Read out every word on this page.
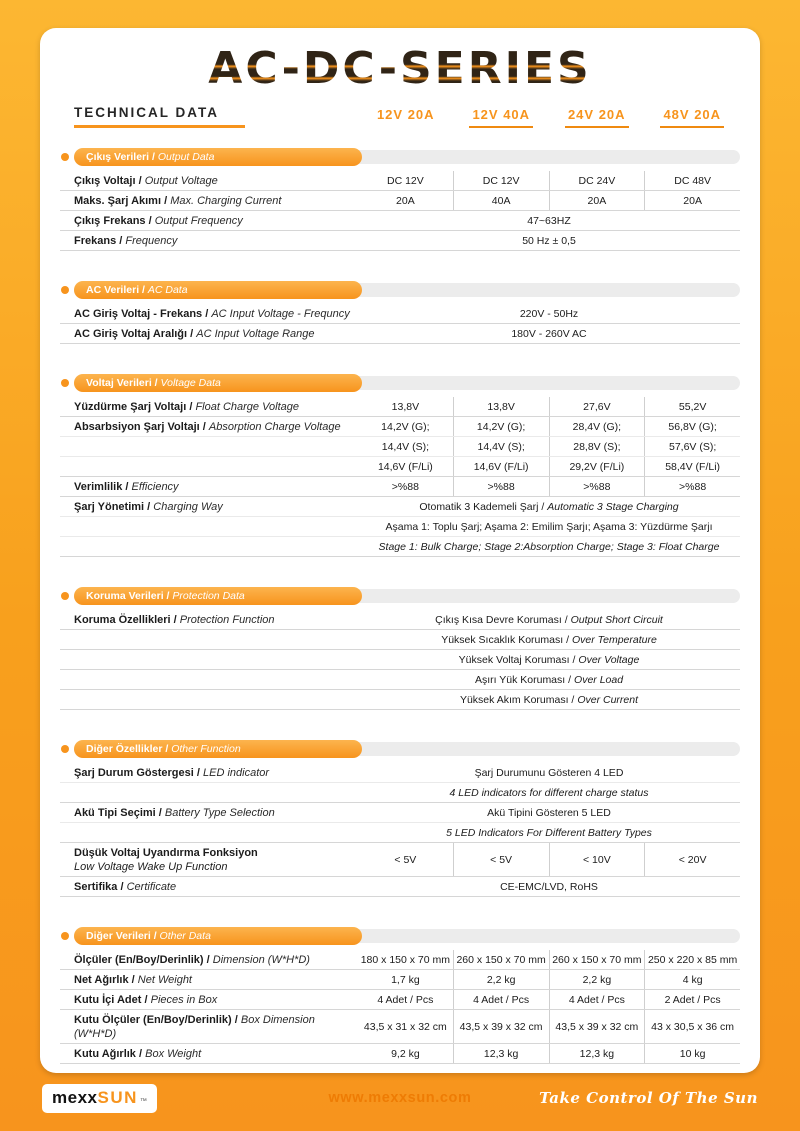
AC-DC-SERIES
TECHNICAL DATA	12V 20A	12V 40A	24V 20A	48V 20A
Çıkış Verileri / Output Data
Çıkış Voltajı / Output Voltage	DC 12V	DC 12V	DC 24V	DC 48V
Maks. Şarj Akımı / Max. Charging Current	20A	40A	20A	20A
Çıkış Frekans / Output Frequency	47~63HZ
Frekans / Frequency	50 Hz ± 0,5
AC Verileri / AC Data
AC Giriş Voltaj - Frekans / AC Input Voltage - Frequncy	220V - 50Hz
AC Giriş Voltaj Aralığı / AC Input Voltage Range	180V - 260V AC
Voltaj Verileri / Voltage Data
Yüzdürme Şarj Voltajı / Float Charge Voltage	13,8V	13,8V	27,6V	55,2V
Absarbsiyon Şarj Voltajı / Absorption Charge Voltage	14,2V (G);	14,2V (G);	28,4V (G);	56,8V (G);
14,4V (S);	14,4V (S);	28,8V (S);	57,6V (S);
14,6V (F/Li)	14,6V (F/Li)	29,2V (F/Li)	58,4V (F/Li)
Verimlilik / Efficiency	>%88	>%88	>%88	>%88
Şarj Yönetimi / Charging Way	Otomatik 3 Kademeli Şarj / Automatic 3 Stage Charging
Aşama 1: Toplu Şarj; Aşama 2: Emilim Şarjı; Aşama 3: Yüzdürme Şarjı
Stage 1: Bulk Charge; Stage 2:Absorption Charge; Stage 3: Float Charge
Koruma Verileri / Protection Data
Koruma Özellikleri / Protection Function	Çıkış Kısa Devre Koruması / Output Short Circuit
Yüksek Sıcaklık Koruması / Over Temperature
Yüksek Voltaj Koruması / Over Voltage
Aşırı Yük Koruması / Over Load
Yüksek Akım Koruması / Over Current
Diğer Özellikler / Other Function
Şarj Durum Göstergesi / LED indicator	Şarj Durumunu Gösteren 4 LED
4 LED indicators for different charge status
Akü Tipi Seçimi / Battery Type Selection	Akü Tipini Gösteren 5 LED
5 LED Indicators For Different Battery Types
Düşük Voltaj Uyandırma Fonksiyon
Low Voltage Wake Up Function
< 5V	< 5V	< 10V	< 20V
Sertifika / Certificate	CE-EMC/LVD, RoHS
Diğer Verileri / Other Data
Ölçüler (En/Boy/Derinlik) / Dimension (W*H*D)	180 x 150 x 70 mm 260 x 150 x 70 mm 260 x 150 x 70 mm 250 x 220 x 85 mm
Net Ağırlık / Net Weight	1,7 kg	2,2 kg	2,2 kg	4 kg
Kutu İçi Adet / Pieces in Box	4 Adet / Pcs	4 Adet / Pcs	4 Adet / Pcs	2 Adet / Pcs
Kutu Ölçüler (En/Boy/Derinlik) / Box Dimension (W*H*D)
43,5 x 31 x 32 cm	43,5 x 39 x 32 cm	43,5 x 39 x 32 cm	43 x 30,5 x 36 cm
Kutu Ağırlık / Box Weight	9,2 kg	12,3 kg	12,3 kg	10 kg
mexx SUN ™	www.mexxsun.com	Take Control Of The Sun
